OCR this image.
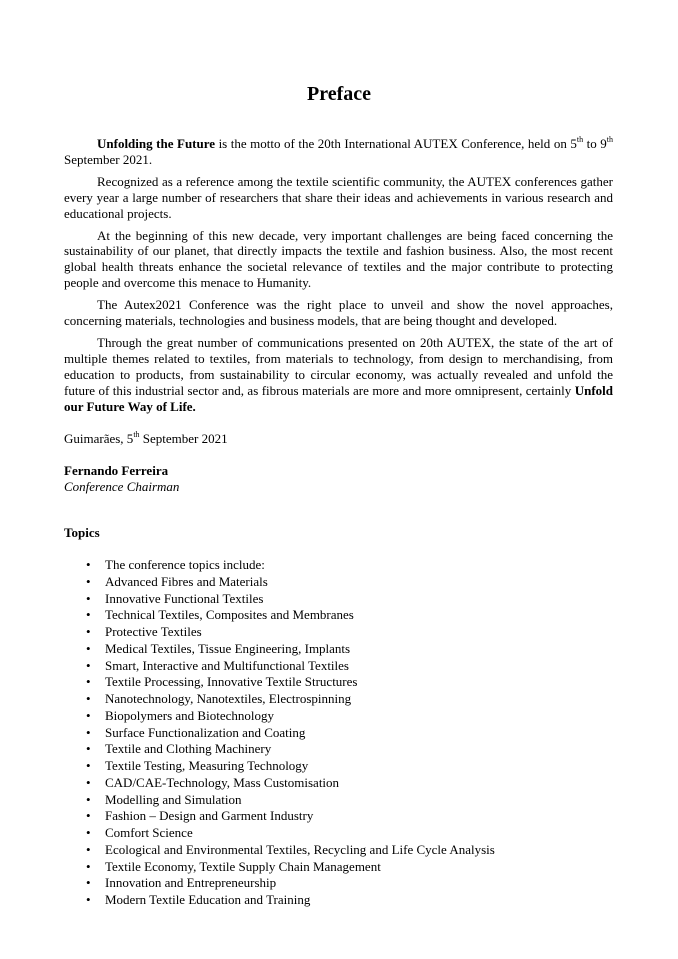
Preface

Unfolding the Future is the motto of the 20th International AUTEX Conference, held on 5th to 9th September 2021.

Recognized as a reference among the textile scientific community, the AUTEX conferences gather every year a large number of researchers that share their ideas and achievements in various research and educational projects.

At the beginning of this new decade, very important challenges are being faced concerning the sustainability of our planet, that directly impacts the textile and fashion business. Also, the most recent global health threats enhance the societal relevance of textiles and the major contribute to protecting people and overcome this menace to Humanity.

The Autex2021 Conference was the right place to unveil and show the novel approaches, concerning materials, technologies and business models, that are being thought and developed.

Through the great number of communications presented on 20th AUTEX, the state of the art of multiple themes related to textiles, from materials to technology, from design to merchandising, from education to products, from sustainability to circular economy, was actually revealed and unfold the future of this industrial sector and, as fibrous materials are more and more omnipresent, certainly Unfold our Future Way of Life.

Guimarães, 5th September 2021
Fernando Ferreira
Conference Chairman
Topics
• The conference topics include:
• Advanced Fibres and Materials
• Innovative Functional Textiles
• Technical Textiles, Composites and Membranes
• Protective Textiles
• Medical Textiles, Tissue Engineering, Implants
• Smart, Interactive and Multifunctional Textiles
• Textile Processing, Innovative Textile Structures
• Nanotechnology, Nanotextiles, Electrospinning
• Biopolymers and Biotechnology
• Surface Functionalization and Coating
• Textile and Clothing Machinery
• Textile Testing, Measuring Technology
• CAD/CAE-Technology, Mass Customisation
• Modelling and Simulation
• Fashion – Design and Garment Industry
• Comfort Science
• Ecological and Environmental Textiles, Recycling and Life Cycle Analysis
• Textile Economy, Textile Supply Chain Management
• Innovation and Entrepreneurship
• Modern Textile Education and Training
